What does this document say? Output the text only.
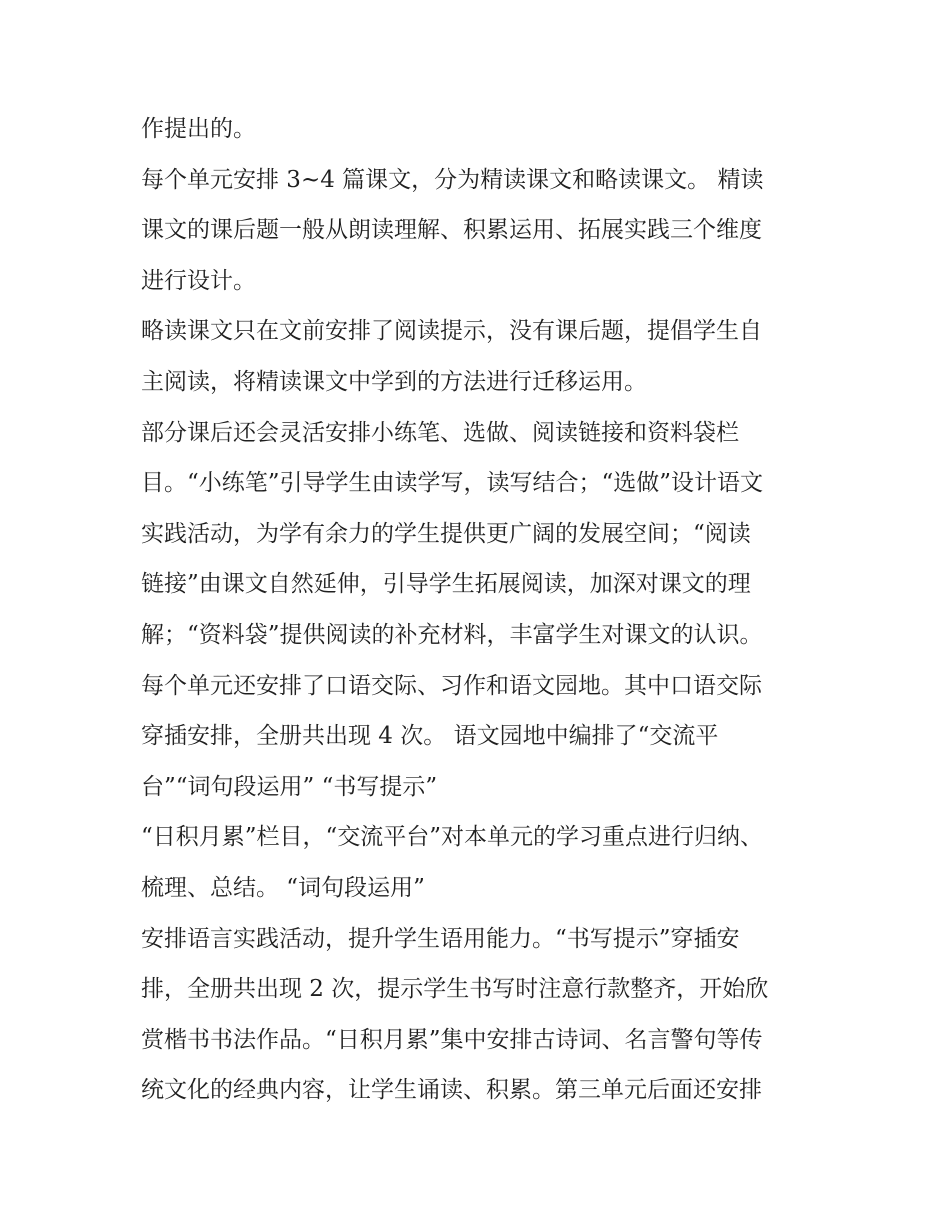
作提出的。
每个单元安排 3~4 篇课文，分为精读课文和略读课文。 精读
课文的课后题一般从朗读理解、积累运用、拓展实践三个维度
进行设计。
略读课文只在文前安排了阅读提示，没有课后题，提倡学生自
主阅读，将精读课文中学到的方法进行迁移运用。
部分课后还会灵活安排小练笔、选做、阅读链接和资料袋栏
目。“小练笔”引导学生由读学写，读写结合；“选做”设计语文
实践活动，为学有余力的学生提供更广阔的发展空间；“阅读
链接”由课文自然延伸，引导学生拓展阅读，加深对课文的理
解；“资料袋”提供阅读的补充材料，丰富学生对课文的认识。
每个单元还安排了口语交际、习作和语文园地。其中口语交际
穿插安排，全册共出现 4 次。 语文园地中编排了“交流平
台”“词句段运用” “书写提示”
“日积月累”栏目，“交流平台”对本单元的学习重点进行归纳、
梳理、总结。 “词句段运用”
安排语言实践活动，提升学生语用能力。“书写提示”穿插安
排，全册共出现 2 次，提示学生书写时注意行款整齐，开始欣
赏楷书书法作品。“日积月累”集中安排古诗词、名言警句等传
统文化的经典内容，让学生诵读、积累。第三单元后面还安排
